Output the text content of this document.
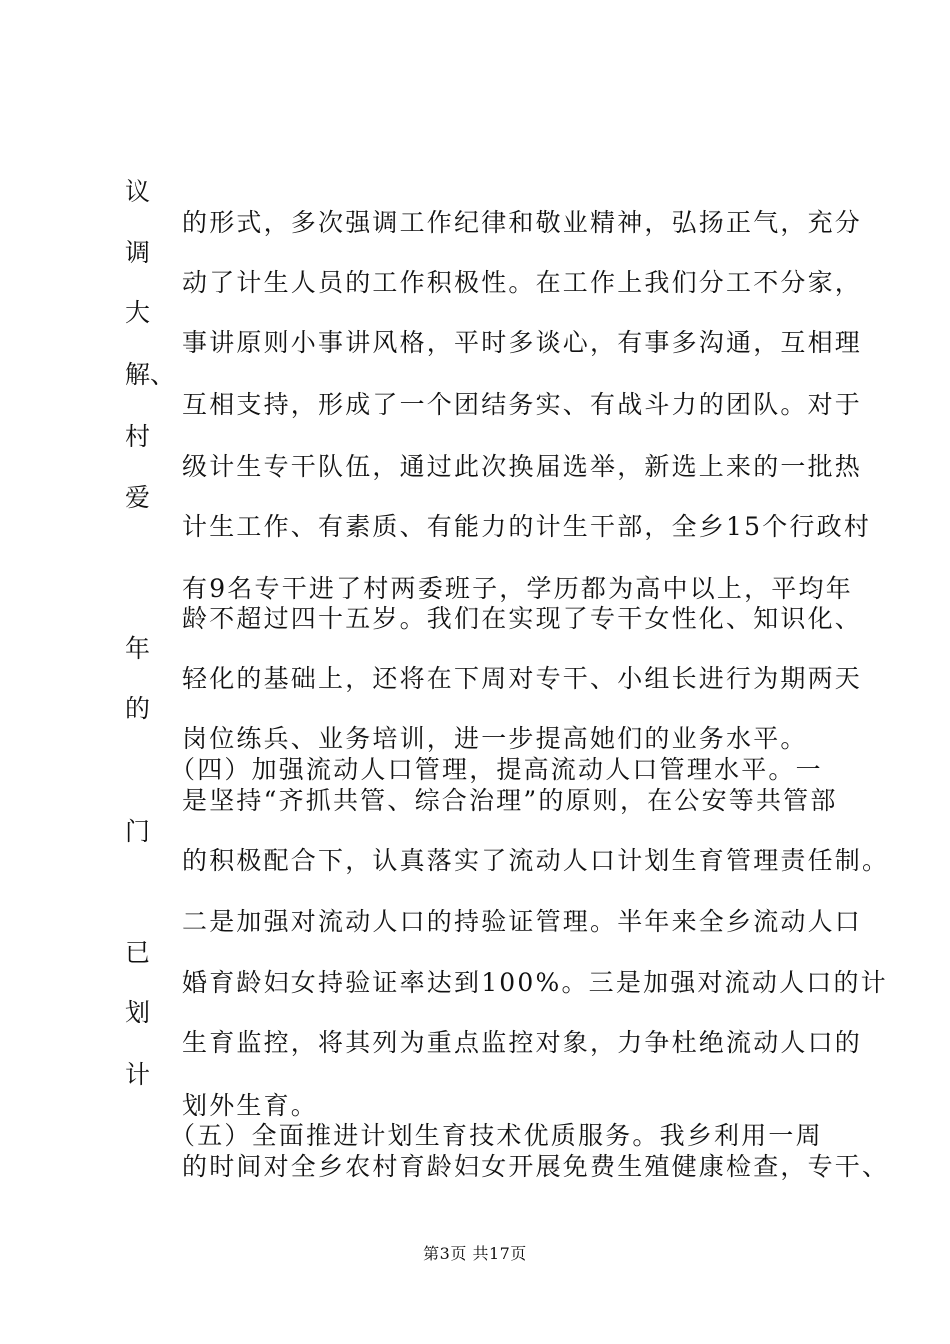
议
调
大
解、
村
爱
年
的
门
已
划
计
的形式，多次强调工作纪律和敬业精神，弘扬正气，充分
动了计生人员的工作积极性。在工作上我们分工不分家，
事讲原则小事讲风格，平时多谈心，有事多沟通，互相理
互相支持，形成了一个团结务实、有战斗力的团队。对于
级计生专干队伍，通过此次换届选举，新选上来的一批热
计生工作、有素质、有能力的计生干部，全乡15个行政村
有9名专干进了村两委班子，学历都为高中以上，平均年
龄不超过四十五岁。我们在实现了专干女性化、知识化、
轻化的基础上，还将在下周对专干、小组长进行为期两天
岗位练兵、业务培训，进一步提高她们的业务水平。
（四）加强流动人口管理，提高流动人口管理水平。一
是坚持“齐抓共管、综合治理”的原则，在公安等共管部
的积极配合下，认真落实了流动人口计划生育管理责任制。
二是加强对流动人口的持验证管理。半年来全乡流动人口
婚育龄妇女持验证率达到100%。三是加强对流动人口的计
生育监控，将其列为重点监控对象，力争杜绝流动人口的
划外生育。
（五）全面推进计划生育技术优质服务。我乡利用一周
的时间对全乡农村育龄妇女开展免费生殖健康检查，专干、
第3页 共17页
